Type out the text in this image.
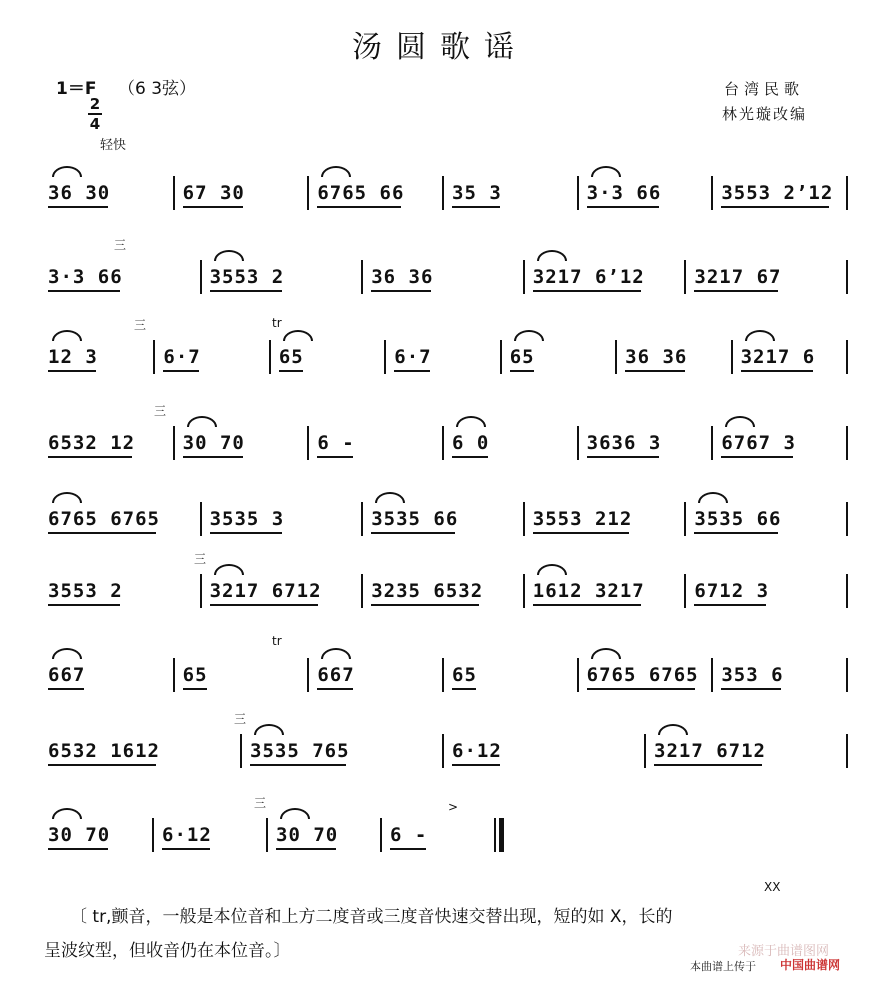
汤圆歌谣
1＝F （6 3弦）
2
4
轻快
台湾民歌
林光璇改编
36 30	67 30	6765 66	35 3	3·3 66	3553 2’12
3·3 66	3553 2	36 36	3217 6’12	3217 67
三
12 3	6·7	65	6·7	65	36 36	3217 6
三	tr
6532 12	30 70	6 -	6 0	3636 3	6767 3
三
6765 6765	3535 3	3535 66	3553 212	3535 66
3553 2	3217 6712	3235 6532	1612 3217	6712 3
三
667	65	667	65	6765 6765 353 6
tr
6532 1612	3535 765	6·12	3217 6712
三
30 70	6·12	30 70	6 -
三	>
XX
〔 tr,颤音，一般是本位音和上方二度音或三度音快速交替出现，短的如 X，长的
呈波纹型，但收音仍在本位音。〕	来源于曲谱图网
本曲谱上传于 中国曲谱网
